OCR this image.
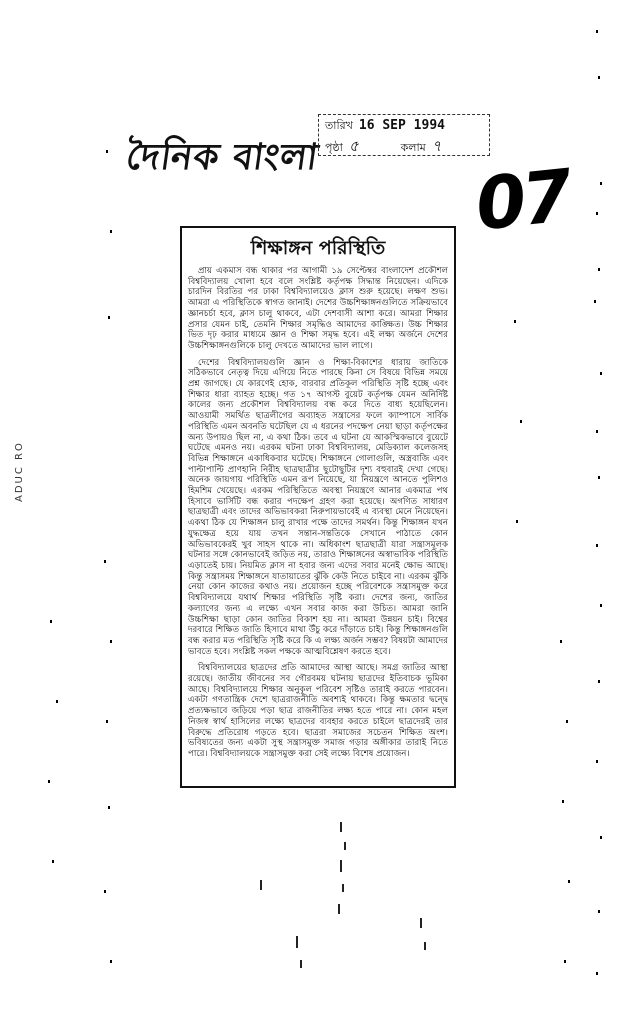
দৈনিক বাংলা
তারিখ 16 SEP 1994
পৃষ্ঠা ৫	কলাম ৭
07
ADUC RO
শিক্ষাঙ্গন পরিস্থিতি

প্রায় একমাস বন্ধ থাকার পর আগামী ১৯ সেপ্টেম্বর বাংলাদেশ প্রকৌশল বিশ্ববিদ্যালয় খোলা হবে বলে সংশ্লিষ্ট কর্তৃপক্ষ সিদ্ধান্ত নিয়েছেন। এদিকে চারদিন বিরতির পর ঢাকা বিশ্ববিদ্যালয়েও ক্লাস শুরু হয়েছে। লক্ষণ শুভ। আমরা এ পরিস্থিতিকে স্বাগত জানাই। দেশের উচ্চশিক্ষাঙ্গনগুলিতে সক্রিয়ভাবে জ্ঞানচর্চা হবে, ক্লাস চালু থাকবে, এটা দেশবাসী আশা করে। আমরা শিক্ষার প্রসার যেমন চাই, তেমনি শিক্ষার সমৃদ্ধিও আমাদের কাঙ্ক্ষিত। উচ্চ শিক্ষার ভিত দৃঢ় করার মাধ্যমে জ্ঞান ও শিক্ষা সমৃদ্ধ হবে। এই লক্ষ্য অর্জনে দেশের উচ্চশিক্ষাঙ্গনগুলিকে চালু দেখতে আমাদের ভাল লাগে।

দেশের বিশ্ববিদ্যালয়গুলি জ্ঞান ও শিক্ষা-বিকাশের ধারায় জাতিকে সঠিকভাবে নেতৃত্ব দিয়ে এগিয়ে নিতে পারছে কিনা সে বিষয়ে বিভিন্ন সময়ে প্রশ্ন জাগছে। যে কারণেই হোক, বারবার প্রতিকূল পরিস্থিতি সৃষ্টি হচ্ছে এবং শিক্ষার ধারা ব্যাহত হচ্ছে। গত ১৭ আগস্ট বুয়েট কর্তৃপক্ষ যেমন অনির্দিষ্ট কালের জন্য প্রকৌশল বিশ্ববিদ্যালয় বন্ধ করে দিতে বাধ্য হয়েছিলেন। আওয়ামী সমর্থিত ছাত্রলীগের অব্যাহত সন্ত্রাসের ফলে ক্যাম্পাসে সার্বিক পরিস্থিতি এমন অবনতি ঘটেছিল যে এ ধরনের পদক্ষেপ নেয়া ছাড়া কর্তৃপক্ষের অন্য উপায়ও ছিল না, এ কথা ঠিক। তবে এ ঘটনা যে আকস্মিকভাবে বুয়েটে ঘটেছে এমনও নয়। এরকম ঘটনা ঢাকা বিশ্ববিদ্যালয়, মেডিক্যাল কলেজসহ বিভিন্ন শিক্ষাঙ্গনে একাধিকবার ঘটেছে। শিক্ষাঙ্গনে গোলাগুলি, অস্ত্রবাজি এবং পাল্টাপাল্টি প্রাণহানি নিরীহ ছাত্রছাত্রীর ছুটোছুটির দৃশ্য বহুবারই দেখা গেছে। অনেক জায়গায় পরিস্থিতি এমন রূপ নিয়েছে, যা নিয়ন্ত্রণে আনতে পুলিশও হিমশিম খেয়েছে। এরকম পরিস্থিতিতে অবস্থা নিয়ন্ত্রণে আনার একমাত্র পথ হিসাবে ভার্সিটি বন্ধ করার পদক্ষেপ গ্রহণ করা হয়েছে। অগণিত সাধারণ ছাত্রছাত্রী এবং তাদের অভিভাবকরা নিরুপায়ভাবেই এ ব্যবস্থা মেনে নিয়েছেন। একথা ঠিক যে শিক্ষাঙ্গন চালু রাখার পক্ষে তাদের সমর্থন। কিন্তু শিক্ষাঙ্গন যখন যুদ্ধক্ষেত্র হয়ে যায় তখন সন্তান-সন্ততিকে সেখানে পাঠাতে কোন অভিভাবকেরই খুব সাহস থাকে না। অধিকাংশ ছাত্রছাত্রী যারা সন্ত্রাসমূলক ঘটনার সঙ্গে কোনভাবেই জড়িত নয়, তারাও শিক্ষাঙ্গনের অস্বাভাবিক পরিস্থিতি এড়াতেই চায়। নিয়মিত ক্লাস না হবার জন্য এদের সবার মনেই ক্ষোভ আছে। কিন্তু সন্ত্রাসময় শিক্ষাঙ্গনে যাতায়াতের ঝুঁকি কেউ নিতে চাইবে না। এরকম ঝুঁকি নেয়া কোন কাজের কথাও নয়। প্রয়োজন হচ্ছে পরিবেশকে সন্ত্রাসমুক্ত করে বিশ্ববিদ্যালয়ে যথার্থ শিক্ষার পরিস্থিতি সৃষ্টি করা। দেশের জন্য, জাতির কল্যাণের জন্য এ লক্ষ্যে এখন সবার কাজ করা উচিত। আমরা জানি উচ্চশিক্ষা ছাড়া কোন জাতির বিকাশ হয় না। আমরা উন্নয়ন চাই। বিশ্বের দরবারে শিক্ষিত জাতি হিসাবে মাথা উঁচু করে দাঁড়াতে চাই। কিন্তু শিক্ষাঙ্গনগুলি বন্ধ করার মত পরিস্থিতি সৃষ্টি করে কি এ লক্ষ্য অর্জন সম্ভব? বিষয়টা আমাদের ভাবতে হবে। সংশ্লিষ্ট সকল পক্ষকে আত্মবিশ্লেষণ করতে হবে।

বিশ্ববিদ্যালয়ের ছাত্রদের প্রতি আমাদের আস্থা আছে। সমগ্র জাতির আস্থা রয়েছে। জাতীয় জীবনের সব গৌরবময় ঘটনায় ছাত্রদের ইতিবাচক ভূমিকা আছে। বিশ্ববিদ্যালয়ে শিক্ষার অনুকূল পরিবেশ সৃষ্টিও তারাই করতে পারবেন। একটা গণতান্ত্রিক দেশে ছাত্ররাজনীতি অবশ্যই থাকবে। কিন্তু ক্ষমতার দ্বন্দ্বে প্রত্যক্ষভাবে জড়িয়ে পড়া ছাত্র রাজনীতির লক্ষ্য হতে পারে না। কোন মহল নিজস্ব স্বার্থ হাসিলের লক্ষ্যে ছাত্রদের ব্যবহার করতে চাইলে ছাত্রদেরই তার বিরুদ্ধে প্রতিরোধ গড়তে হবে। ছাত্ররা সমাজের সচেতন শিক্ষিত অংশ। ভবিষ্যতের জন্য একটা সুস্থ সন্ত্রাসমুক্ত সমাজ গড়ার অঙ্গীকার তারাই নিতে পারে। বিশ্ববিদ্যালয়কে সন্ত্রাসমুক্ত করা সেই লক্ষ্যে বিশেষ প্রয়োজন।
